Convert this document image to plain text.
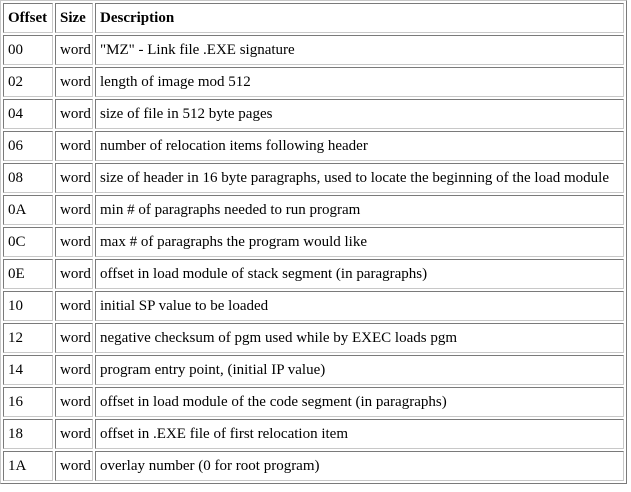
Offset	Size	Description
00	word	"MZ" - Link file .EXE signature
02	word	length of image mod 512
04	word	size of file in 512 byte pages
06	word	number of relocation items following header
08	word	size of header in 16 byte paragraphs, used to locate the beginning of the load module
0A	word	min # of paragraphs needed to run program
0C	word	max # of paragraphs the program would like
0E	word	offset in load module of stack segment (in paragraphs)
10	word	initial SP value to be loaded
12	word	negative checksum of pgm used while by EXEC loads pgm
14	word	program entry point, (initial IP value)
16	word	offset in load module of the code segment (in paragraphs)
18	word	offset in .EXE file of first relocation item
1A	word	overlay number (0 for root program)
